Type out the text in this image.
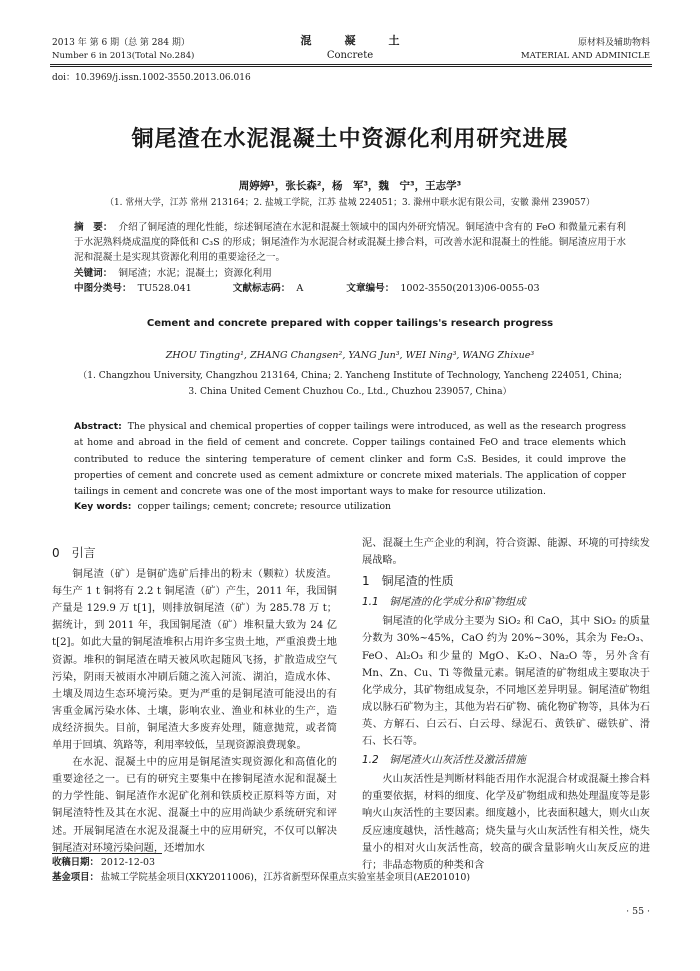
2013 年 第 6 期（总 第 284 期）
Number 6 in 2013(Total No.284)
混　　　凝　　　土
Concrete
原材料及辅助物料
MATERIAL AND ADMINICLE
doi：10.3969/j.issn.1002-3550.2013.06.016
铜尾渣在水泥混凝土中资源化利用研究进展
周婷婷¹，张长森²，杨　军³，魏　宁³，王志学³
（1. 常州大学，江苏 常州 213164；2. 盐城工学院，江苏 盐城 224051；3. 滁州中联水泥有限公司，安徽 滁州 239057）
摘　要： 介绍了铜尾渣的理化性能，综述铜尾渣在水泥和混凝土领域中的国内外研究情况。铜尾渣中含有的 FeO 和微量元素有利于水泥熟料烧成温度的降低和 C₃S 的形成；铜尾渣作为水泥混合材或混凝土掺合料，可改善水泥和混凝土的性能。铜尾渣应用于水泥和混凝土是实现其资源化利用的重要途径之一。
关键词： 铜尾渣；水泥；混凝土；资源化利用
中图分类号： TU528.041	文献标志码： A	文章编号： 1002-3550(2013)06-0055-03
Cement and concrete prepared with copper tailings's research progress
ZHOU Tingting¹, ZHANG Changsen², YANG Jun³, WEI Ning³, WANG Zhixue³
（1. Changzhou University, Changzhou 213164, China; 2. Yancheng Institute of Technology, Yancheng 224051, China;
3. China United Cement Chuzhou Co., Ltd., Chuzhou 239057, China）
Abstract: The physical and chemical properties of copper tailings were introduced, as well as the research progress at home and abroad in the field of cement and concrete. Copper tailings contained FeO and trace elements which contributed to reduce the sintering temperature of cement clinker and form C₃S. Besides, it could improve the properties of cement and concrete used as cement admixture or concrete mixed materials. The application of copper tailings in cement and concrete was one of the most important ways to make for resource utilization.
Key words: copper tailings; cement; concrete; resource utilization
0　引言

铜尾渣（矿）是铜矿选矿后排出的粉末（颗粒）状废渣。每生产 1 t 铜将有 2.2 t 铜尾渣（矿）产生，2011 年，我国铜产量是 129.9 万 t[1]，则排放铜尾渣（矿）为 285.78 万 t；据统计，到 2011 年，我国铜尾渣（矿）堆积量大致为 24 亿 t[2]。如此大量的铜尾渣堆积占用许多宝贵土地，严重浪费土地资源。堆积的铜尾渣在晴天被风吹起随风飞扬，扩散造成空气污染，阴雨天被雨水冲刷后随之流入河流、湖泊，造成水体、土壤及周边生态环境污染。更为严重的是铜尾渣可能浸出的有害重金属污染水体、土壤，影响农业、渔业和林业的生产，造成经济损失。目前，铜尾渣大多废弃处理，随意抛荒，或者简单用于回填、筑路等，利用率较低，呈现资源浪费现象。

在水泥、混凝土中的应用是铜尾渣实现资源化和高值化的重要途径之一。已有的研究主要集中在掺铜尾渣水泥和混凝土的力学性能、铜尾渣作水泥矿化剂和铁质校正原料等方面，对铜尾渣特性及其在水泥、混凝土中的应用尚缺少系统研究和评述。开展铜尾渣在水泥及混凝土中的应用研究，不仅可以解决铜尾渣对环境污染问题，还增加水

泥、混凝土生产企业的利润，符合资源、能源、环境的可持续发展战略。

1　铜尾渣的性质
1.1　铜尾渣的化学成分和矿物组成

铜尾渣的化学成分主要为 SiO₂ 和 CaO，其中 SiO₂ 的质量分数为 30%~45%，CaO 约为 20%~30%，其余为 Fe₂O₃、FeO、Al₂O₃ 和少量的 MgO、K₂O、Na₂O 等，另外含有 Mn、Zn、Cu、Ti 等微量元素。铜尾渣的矿物组成主要取决于化学成分，其矿物组成复杂，不同地区差异明显。铜尾渣矿物组成以脉石矿物为主，其他为岩石矿物、硫化物矿物等，具体为石英、方解石、白云石、白云母、绿泥石、黄铁矿、磁铁矿、滑石、长石等。

1.2　铜尾渣火山灰活性及激活措施

火山灰活性是判断材料能否用作水泥混合材或混凝土掺合料的重要依据，材料的细度、化学及矿物组成和热处理温度等是影响火山灰活性的主要因素。细度越小，比表面积越大，则火山灰反应速度越快，活性越高；烧失量与火山灰活性有相关性，烧失量小的相对火山灰活性高，较高的碳含量影响火山灰反应的进行；非晶态物质的种类和含

收稿日期： 2012-12-03
基金项目： 盐城工学院基金项目(XKY2011006)，江苏省新型环保重点实验室基金项目(AE201010)
· 55 ·
